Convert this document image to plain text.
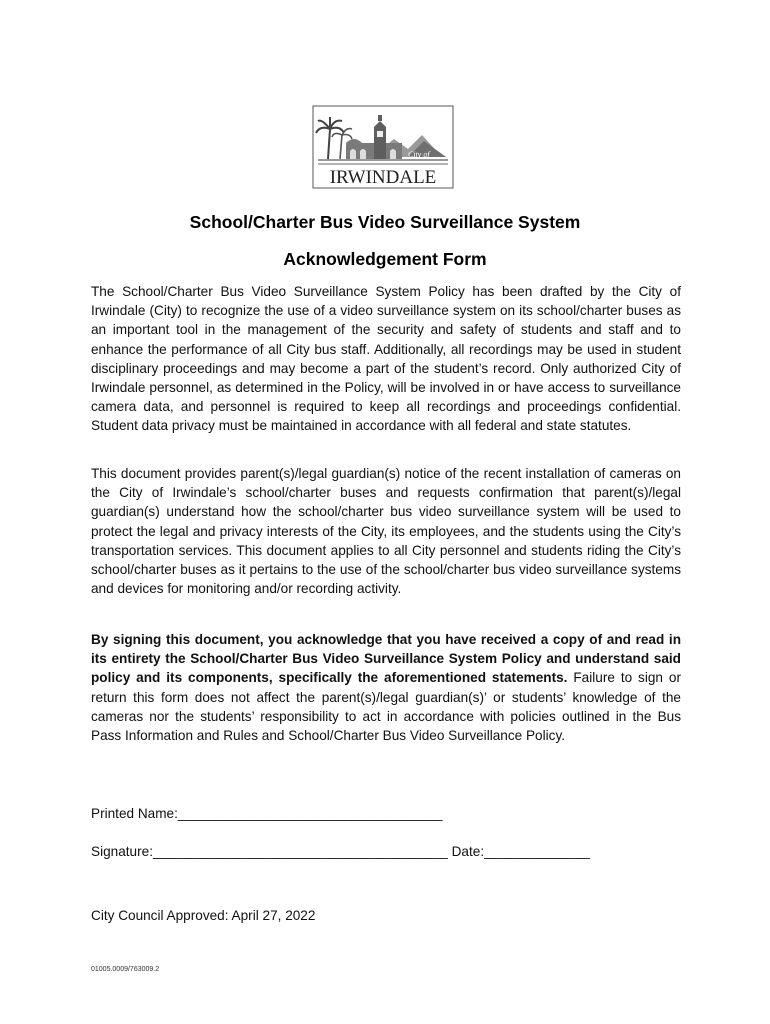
City of
IRWINDALE
School/Charter Bus Video Surveillance System
Acknowledgement Form

The School/Charter Bus Video Surveillance System Policy has been drafted by the City of Irwindale (City) to recognize the use of a video surveillance system on its school/charter buses as an important tool in the management of the security and safety of students and staff and to enhance the performance of all City bus staff. Additionally, all recordings may be used in student disciplinary proceedings and may become a part of the student’s record. Only authorized City of Irwindale personnel, as determined in the Policy, will be involved in or have access to surveillance camera data, and personnel is required to keep all recordings and proceedings confidential. Student data privacy must be maintained in accordance with all federal and state statutes.

This document provides parent(s)/legal guardian(s) notice of the recent installation of cameras on the City of Irwindale’s school/charter buses and requests confirmation that parent(s)/legal guardian(s) understand how the school/charter bus video surveillance system will be used to protect the legal and privacy interests of the City, its employees, and the students using the City’s transportation services. This document applies to all City personnel and students riding the City’s school/charter buses as it pertains to the use of the school/charter bus video surveillance systems and devices for monitoring and/or recording activity.

By signing this document, you acknowledge that you have received a copy of and read in its entirety the School/Charter Bus Video Surveillance System Policy and understand said policy and its components, specifically the aforementioned statements. Failure to sign or return this form does not affect the parent(s)/legal guardian(s)’ or students’ knowledge of the cameras nor the students’ responsibility to act in accordance with policies outlined in the Bus Pass Information and Rules and School/Charter Bus Video Surveillance Policy.

Printed Name:___________________________________
Signature:_______________________________________ Date:______________
City Council Approved: April 27, 2022
01005.0009/763009.2
